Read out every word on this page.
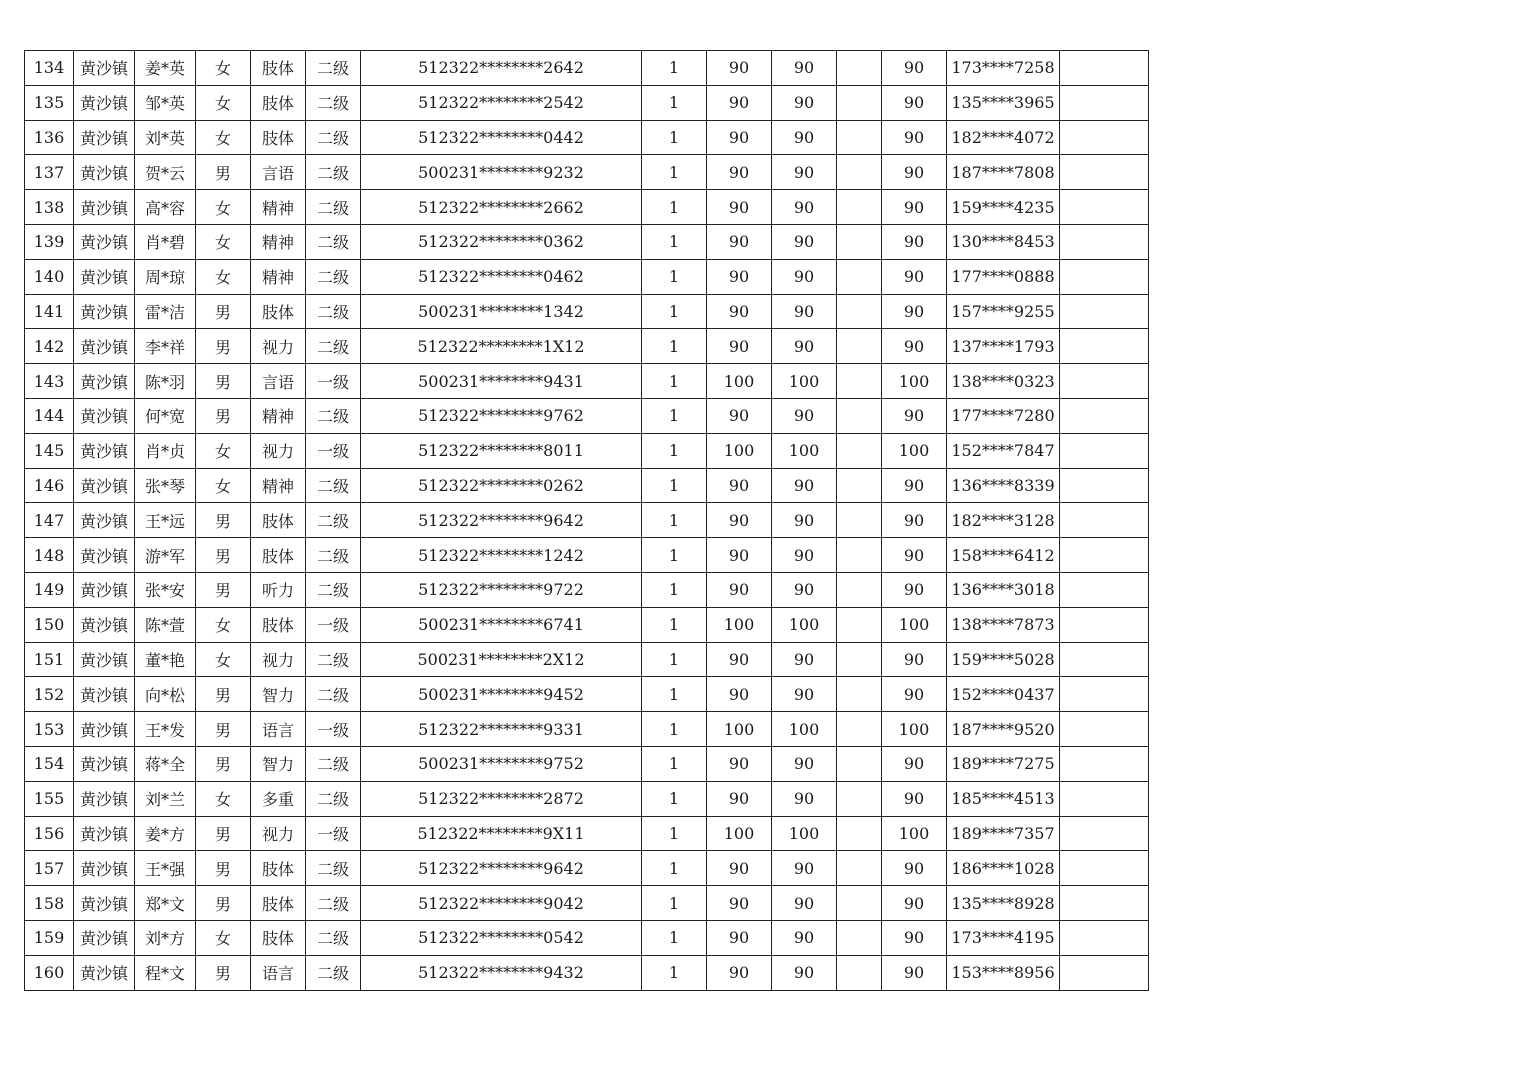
134	黄沙镇	姜*英	女	肢体	二级	512322********2642	1	90	90		90	173****7258	
135	黄沙镇	邹*英	女	肢体	二级	512322********2542	1	90	90		90	135****3965	
136	黄沙镇	刘*英	女	肢体	二级	512322********0442	1	90	90		90	182****4072	
137	黄沙镇	贺*云	男	言语	二级	500231********9232	1	90	90		90	187****7808	
138	黄沙镇	高*容	女	精神	二级	512322********2662	1	90	90		90	159****4235	
139	黄沙镇	肖*碧	女	精神	二级	512322********0362	1	90	90		90	130****8453	
140	黄沙镇	周*琼	女	精神	二级	512322********0462	1	90	90		90	177****0888	
141	黄沙镇	雷*洁	男	肢体	二级	500231********1342	1	90	90		90	157****9255	
142	黄沙镇	李*祥	男	视力	二级	512322********1X12	1	90	90		90	137****1793	
143	黄沙镇	陈*羽	男	言语	一级	500231********9431	1	100	100		100	138****0323	
144	黄沙镇	何*宽	男	精神	二级	512322********9762	1	90	90		90	177****7280	
145	黄沙镇	肖*贞	女	视力	一级	512322********8011	1	100	100		100	152****7847	
146	黄沙镇	张*琴	女	精神	二级	512322********0262	1	90	90		90	136****8339	
147	黄沙镇	王*远	男	肢体	二级	512322********9642	1	90	90		90	182****3128	
148	黄沙镇	游*军	男	肢体	二级	512322********1242	1	90	90		90	158****6412	
149	黄沙镇	张*安	男	听力	二级	512322********9722	1	90	90		90	136****3018	
150	黄沙镇	陈*萱	女	肢体	一级	500231********6741	1	100	100		100	138****7873	
151	黄沙镇	董*艳	女	视力	二级	500231********2X12	1	90	90		90	159****5028	
152	黄沙镇	向*松	男	智力	二级	500231********9452	1	90	90		90	152****0437	
153	黄沙镇	王*发	男	语言	一级	512322********9331	1	100	100		100	187****9520	
154	黄沙镇	蒋*全	男	智力	二级	500231********9752	1	90	90		90	189****7275	
155	黄沙镇	刘*兰	女	多重	二级	512322********2872	1	90	90		90	185****4513	
156	黄沙镇	姜*方	男	视力	一级	512322********9X11	1	100	100		100	189****7357	
157	黄沙镇	王*强	男	肢体	二级	512322********9642	1	90	90		90	186****1028	
158	黄沙镇	郑*文	男	肢体	二级	512322********9042	1	90	90		90	135****8928	
159	黄沙镇	刘*方	女	肢体	二级	512322********0542	1	90	90		90	173****4195	
160	黄沙镇	程*文	男	语言	二级	512322********9432	1	90	90		90	153****8956	
